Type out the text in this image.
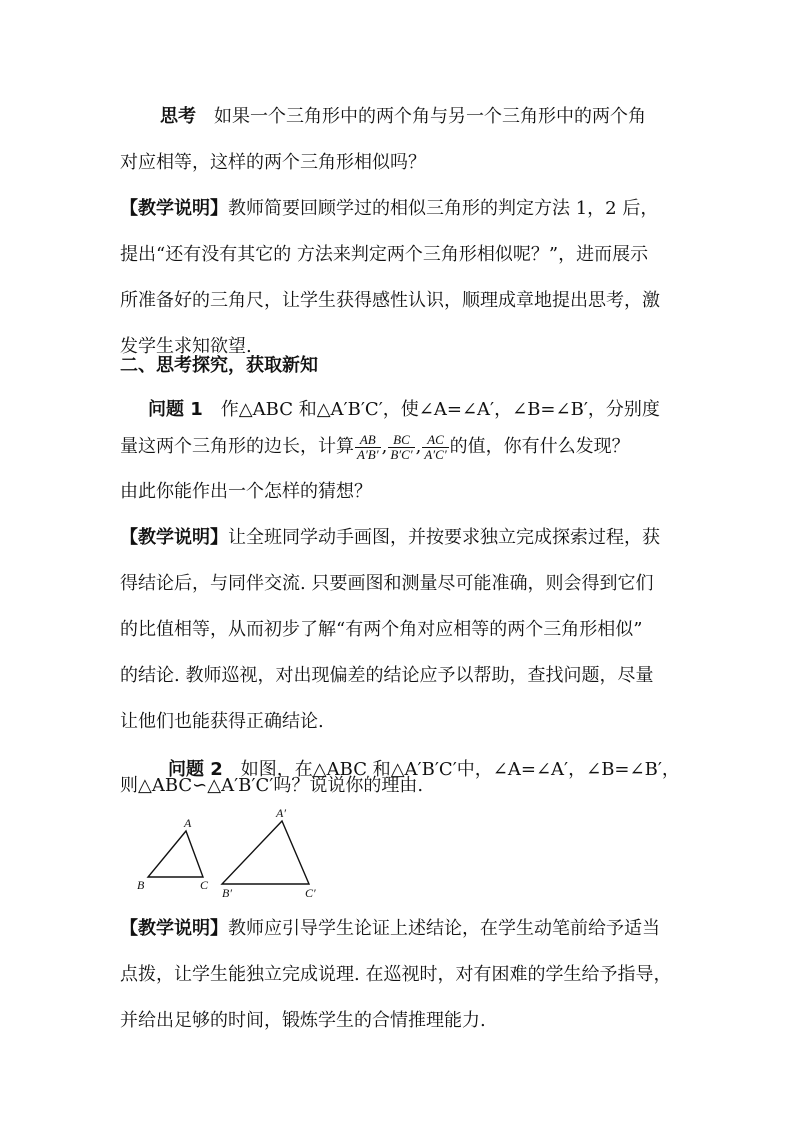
思考 如果一个三角形中的两个角与另一个三角形中的两个角

对应相等，这样的两个三角形相似吗？

【教学说明】教师简要回顾学过的相似三角形的判定方法 1，2 后，

提出“还有没有其它的 方法来判定两个三角形相似呢？”，进而展示

所准备好的三角尺，让学生获得感性认识，顺理成章地提出思考，激

发学生求知欲望.

二、思考探究，获取新知

问题 1 作△ABC 和△A′B′C′，使∠A=∠A′，∠B=∠B′，分别度

量这两个三角形的边长，计算 $\frac{AB}{A'B'}$ , $\frac{BC}{B'C'}$ , $\frac{AC}{A'C'}$ 的值，你有什么发现？

由此你能作出一个怎样的猜想？

【教学说明】让全班同学动手画图，并按要求独立完成探索过程，获

得结论后，与同伴交流. 只要画图和测量尽可能准确，则会得到它们

的比值相等，从而初步了解“有两个角对应相等的两个三角形相似”

的结论. 教师巡视，对出现偏差的结论应予以帮助，查找问题，尽量

让他们也能获得正确结论.

问题 2 如图，在△ABC 和△A′B′C′中，∠A=∠A′，∠B=∠B′，

则△ABC∽△A′B′C′吗？说说你的理由.

A
B	C
A′
B′	C′

【教学说明】教师应引导学生论证上述结论，在学生动笔前给予适当

点拨，让学生能独立完成说理. 在巡视时，对有困难的学生给予指导，

并给出足够的时间，锻炼学生的合情推理能力.
